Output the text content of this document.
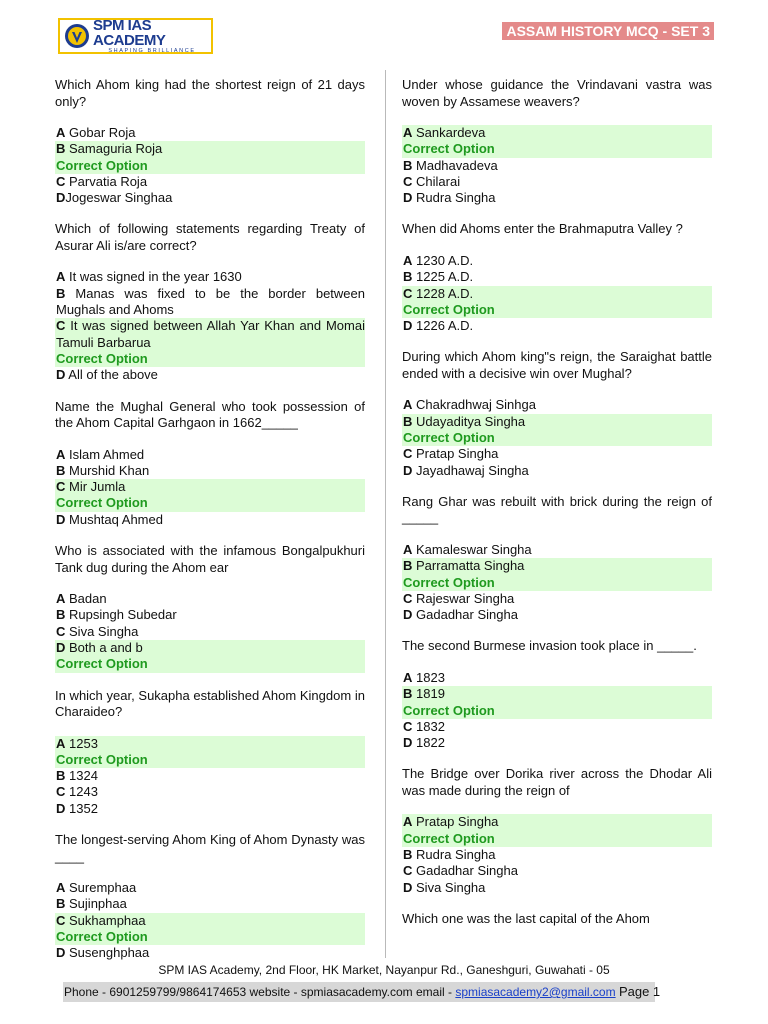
SPM IAS ACADEMY
SHAPING BRILLIANCE
ASSAM HISTORY MCQ - SET 3
Which Ahom king had the shortest reign of 21 days only?
A Gobar Roja
B Samaguria Roja
Correct Option
C Parvatia Roja
DJogeswar Singhaa
Which of following statements regarding Treaty of Asurar Ali is/are correct?
A It was signed in the year 1630
B Manas was fixed to be the border between Mughals and Ahoms
C It was signed between Allah Yar Khan and Momai Tamuli Barbarua
Correct Option
D All of the above
Name the Mughal General who took possession of the Ahom Capital Garhgaon in 1662_____
A Islam Ahmed
B Murshid Khan
C Mir Jumla
Correct Option
D Mushtaq Ahmed
Who is associated with the infamous Bongalpukhuri Tank dug during the Ahom ear
A Badan
B Rupsingh Subedar
C Siva Singha
D Both a and b
Correct Option
In which year, Sukapha established Ahom Kingdom in Charaideo?
A 1253
Correct Option
B 1324
C 1243
D 1352
The longest-serving Ahom King of Ahom Dynasty was ____
A Suremphaa
B Sujinphaa
C Sukhamphaa
Correct Option
D Susenghphaa
Under whose guidance the Vrindavani vastra was woven by Assamese weavers?
A Sankardeva
Correct Option
B Madhavadeva
C Chilarai
D Rudra Singha
When did Ahoms enter the Brahmaputra Valley ?
A 1230 A.D.
B 1225 A.D.
C 1228 A.D.
Correct Option
D 1226 A.D.
During which Ahom king"s reign, the Saraighat battle ended with a decisive win over Mughal?
A Chakradhwaj Sinhga
B Udayaditya Singha
Correct Option
C Pratap Singha
D Jayadhawaj Singha
Rang Ghar was rebuilt with brick during the reign of _____
A Kamaleswar Singha
B Parramatta Singha
Correct Option
C Rajeswar Singha
D Gadadhar Singha
The second Burmese invasion took place in _____.
A 1823
B 1819
Correct Option
C 1832
D 1822
The Bridge over Dorika river across the Dhodar Ali was made during the reign of
A Pratap Singha
Correct Option
B Rudra Singha
C Gadadhar Singha
D Siva Singha
Which one was the last capital of the Ahom
SPM IAS Academy, 2nd Floor, HK Market, Nayanpur Rd., Ganeshguri, Guwahati - 05
Phone - 6901259799/9864174653 website - spmiasacademy.com email - spmiasacademy2@gmail.com Page 1
